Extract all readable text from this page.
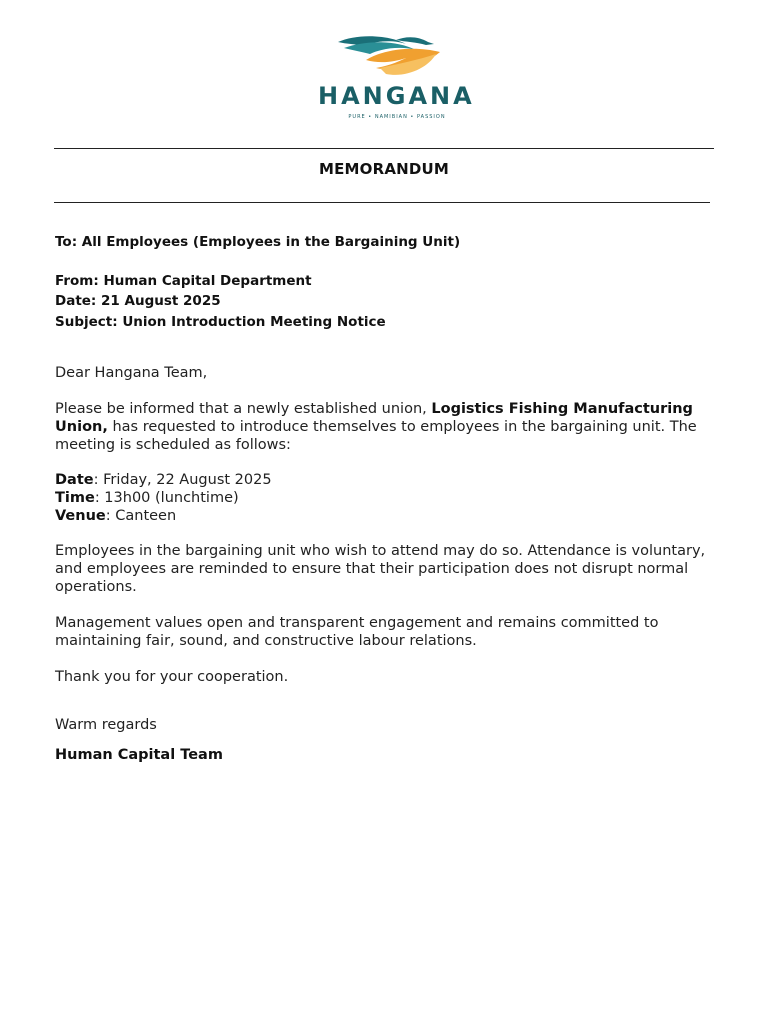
HANGANA
PURE • NAMIBIAN • PASSION
MEMORANDUM
To: All Employees (Employees in the Bargaining Unit)
From: Human Capital Department
Date: 21 August 2025
Subject: Union Introduction Meeting Notice
Dear Hangana Team,
Please be informed that a newly established union, Logistics Fishing Manufacturing
Union, has requested to introduce themselves to employees in the bargaining unit. The
meeting is scheduled as follows:
Date: Friday, 22 August 2025
Time: 13h00 (lunchtime)
Venue: Canteen
Employees in the bargaining unit who wish to attend may do so. Attendance is voluntary,
and employees are reminded to ensure that their participation does not disrupt normal
operations.
Management values open and transparent engagement and remains committed to
maintaining fair, sound, and constructive labour relations.
Thank you for your cooperation.
Warm regards
Human Capital Team
